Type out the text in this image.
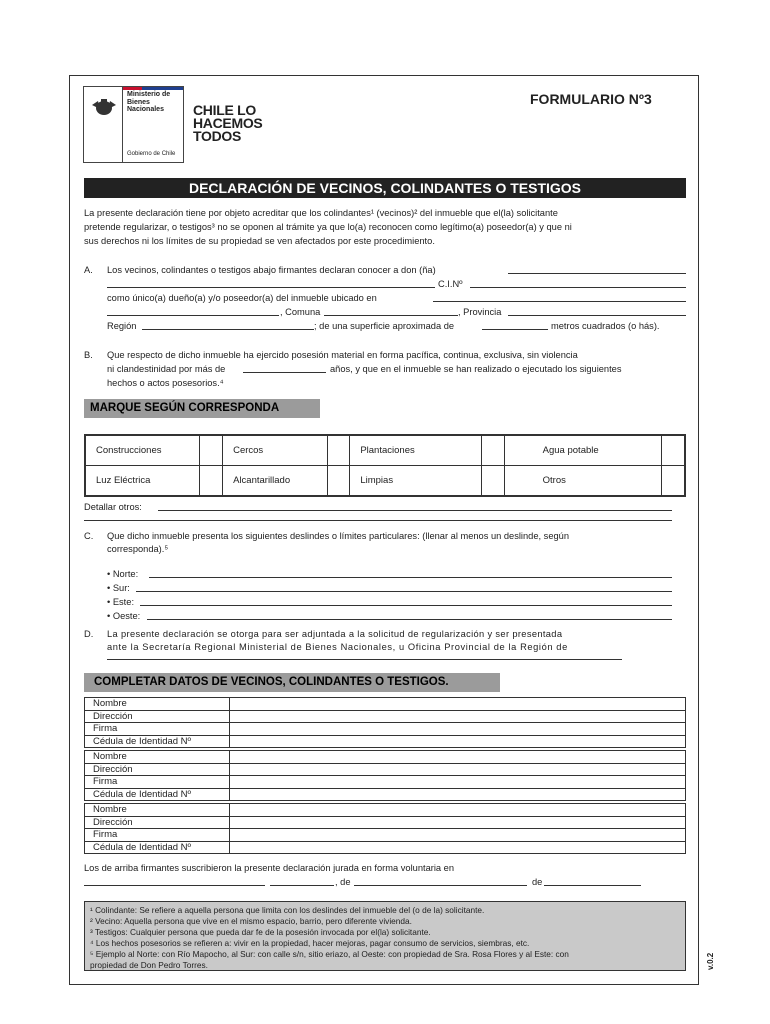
Ministerio de
Bienes
Nacionales
Gobierno de Chile
CHILE LO
HACEMOS
TODOS
FORMULARIO Nº3
DECLARACIÓN DE VECINOS, COLINDANTES O TESTIGOS
La presente declaración tiene por objeto acreditar que los colindantes¹ (vecinos)² del inmueble que el(la) solicitante
pretende regularizar, o testigos³ no se oponen al trámite ya que lo(a) reconocen como legítimo(a) poseedor(a) y que ni
sus derechos ni los límites de su propiedad se ven afectados por este procedimiento.
A. Los vecinos, colindantes o testigos abajo firmantes declaran conocer a don (ña)
C.I.Nº
como único(a) dueño(a) y/o poseedor(a) del inmueble ubicado en
, Comuna	, Provincia
Región	; de una superficie aproximada de	metros cuadrados (o hás).
B. Que respecto de dicho inmueble ha ejercido posesión material en forma pacífica, continua, exclusiva, sin violencia
ni clandestinidad por más de	años, y que en el inmueble se han realizado o ejecutado los siguientes
hechos o actos posesorios.⁴
MARQUE SEGÚN CORRESPONDA
Construcciones		Cercos		Plantaciones		Agua potable	
Luz Eléctrica		Alcantarillado		Limpias		Otros	
Detallar otros:
C. Que dicho inmueble presenta los siguientes deslindes o límites particulares: (llenar al menos un deslinde, según
corresponda).⁵
• Norte:
• Sur:
• Este:
• Oeste:
D. La presente declaración se otorga para ser adjuntada a la solicitud de regularización y ser presentada
ante la Secretaría Regional Ministerial de Bienes Nacionales, u Oficina Provincial de la Región de
COMPLETAR DATOS DE VECINOS, COLINDANTES O TESTIGOS.
Nombre	
Dirección	
Firma	
Cédula de Identidad Nº	
Nombre	
Dirección	
Firma	
Cédula de Identidad Nº	
Nombre	
Dirección	
Firma	
Cédula de Identidad Nº	
Los de arriba firmantes suscribieron la presente declaración jurada en forma voluntaria en
, de	de
¹ Colindante: Se refiere a aquella persona que limita con los deslindes del inmueble del (o de la) solicitante.
² Vecino: Aquella persona que vive en el mismo espacio, barrio, pero diferente vivienda.
³ Testigos: Cualquier persona que pueda dar fe de la posesión invocada por el(la) solicitante.
⁴ Los hechos posesorios se refieren a: vivir en la propiedad, hacer mejoras, pagar consumo de servicios, siembras, etc.
⁵ Ejemplo al Norte: con Río Mapocho, al Sur: con calle s/n, sitio eriazo, al Oeste: con propiedad de Sra. Rosa Flores y al Este: con
propiedad de Don Pedro Torres.	v.0.2
